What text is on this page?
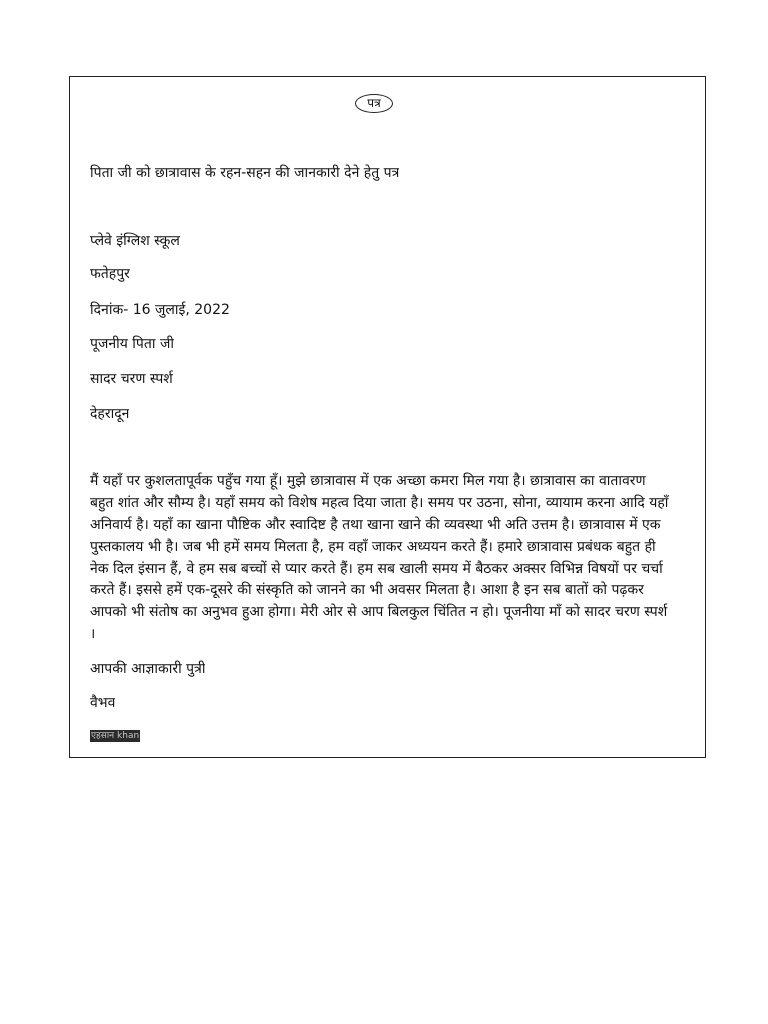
पत्र
पिता जी को छात्रावास के रहन-सहन की जानकारी देने हेतु पत्र
प्लेवे इंग्लिश स्कूल
फतेहपुर
दिनांक- 16 जुलाई, 2022
पूजनीय पिता जी
सादर चरण स्पर्श
देहरादून
मैं यहाँ पर कुशलतापूर्वक पहुँच गया हूँ। मुझे छात्रावास में एक अच्छा कमरा मिल गया है। छात्रावास का वातावरण
बहुत शांत और सौम्य है। यहाँ समय को विशेष महत्व दिया जाता है। समय पर उठना, सोना, व्यायाम करना आदि यहाँ
अनिवार्य है। यहाँ का खाना पौष्टिक और स्वादिष्ट है तथा खाना खाने की व्यवस्था भी अति उत्तम है। छात्रावास में एक
पुस्तकालय भी है। जब भी हमें समय मिलता है, हम वहाँ जाकर अध्ययन करते हैं। हमारे छात्रावास प्रबंधक बहुत ही
नेक दिल इंसान हैं, वे हम सब बच्चों से प्यार करते हैं। हम सब खाली समय में बैठकर अक्सर विभिन्न विषयों पर चर्चा
करते हैं। इससे हमें एक-दूसरे की संस्कृति को जानने का भी अवसर मिलता है। आशा है इन सब बातों को पढ़कर
आपको भी संतोष का अनुभव हुआ होगा। मेरी ओर से आप बिलकुल चिंतित न हो। पूजनीया माँ को सादर चरण स्पर्श
।
आपकी आज्ञाकारी पुत्री
वैभव
एहसान khan
